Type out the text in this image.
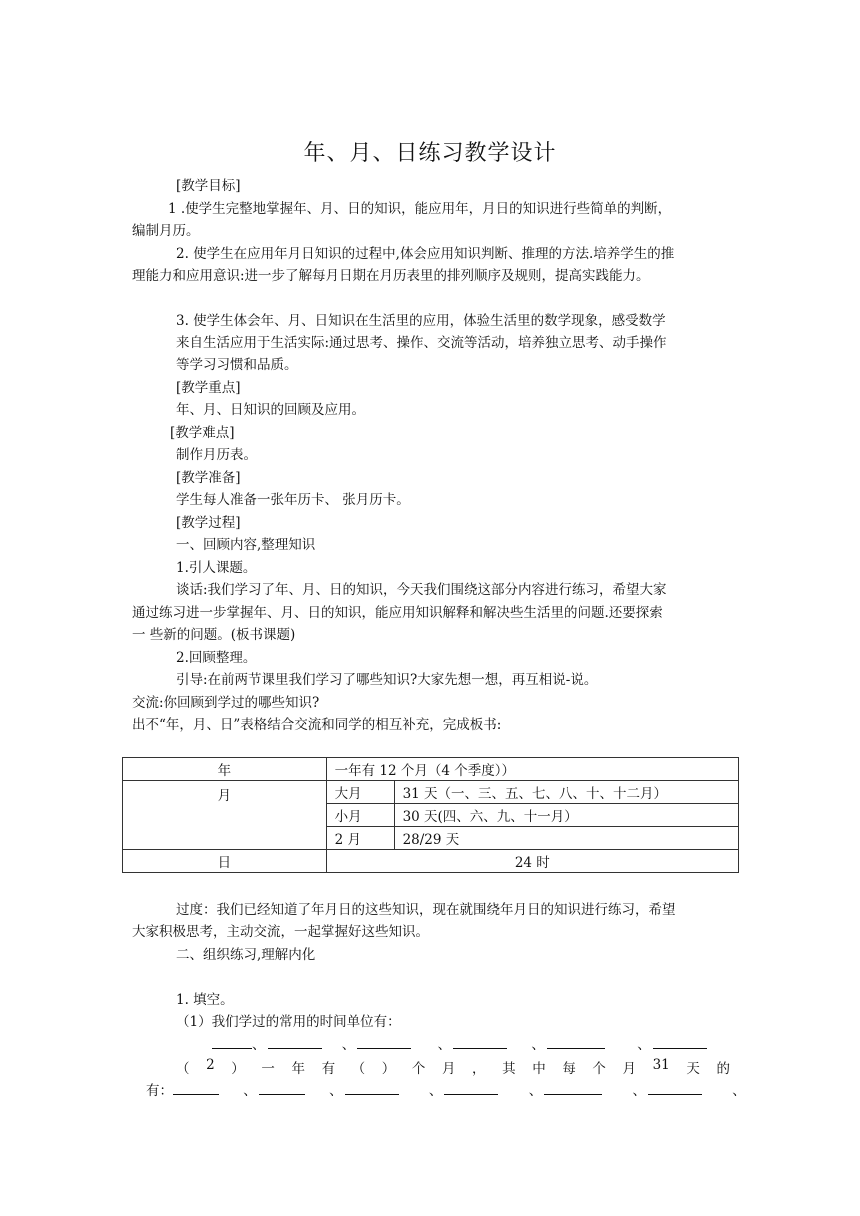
年、月、日练习教学设计
[教学目标]
1 .使学生完整地掌握年、月、日的知识，能应用年，月日的知识进行些简单的判断，
编制月历。
2. 使学生在应用年月日知识的过程中,体会应用知识判断、推理的方法.培养学生的推
理能力和应用意识:进一步了解每月日期在月历表里的排列顺序及规则，提高实践能力。
3. 使学生体会年、月、日知识在生活里的应用，体验生活里的数学现象，感受数学
来自生活应用于生活实际:通过思考、操作、交流等活动，培养独立思考、动手操作
等学习习惯和品质。
[教学重点]
年、月、日知识的回顾及应用。
[教学难点]
制作月历表。
[教学准备]
学生每人准备一张年历卡、 张月历卡。
[教学过程]
一、回顾内容,整理知识
1.引人课题。
谈话:我们学习了年、月、日的知识，今天我们围绕这部分内容进行练习，希望大家
通过练习进一步掌握年、月、日的知识，能应用知识解释和解决些生活里的问题.还要探索
一 些新的问题。(板书课题)
2.回顾整理。
引导:在前两节课里我们学习了哪些知识?大家先想一想，再互相说-说。
交流:你回顾到学过的哪些知识?
出不“年，月、日”表格结合交流和同学的相互补充，完成板书:
年	一年有 12 个月（4 个季度））	
月	大月	31 天（一、三、五、七、八、十、十二月）
	小月	30 天(四、六、九、十一月）
	2 月	28/29 天
日	24 时	
过度：我们已经知道了年月日的这些知识，现在就围绕年月日的知识进行练习，希望
大家积极思考，主动交流，一起掌握好这些知识。
二、组织练习,理解内化
1. 填空。
（1）我们学过的常用的时间单位有：
、	、	、	、	、
（ 2 ） 一 年 有 （ ） 个 月 ， 其 中 每 个 月 31 天 的
有：	、	、	、	、	、	、
